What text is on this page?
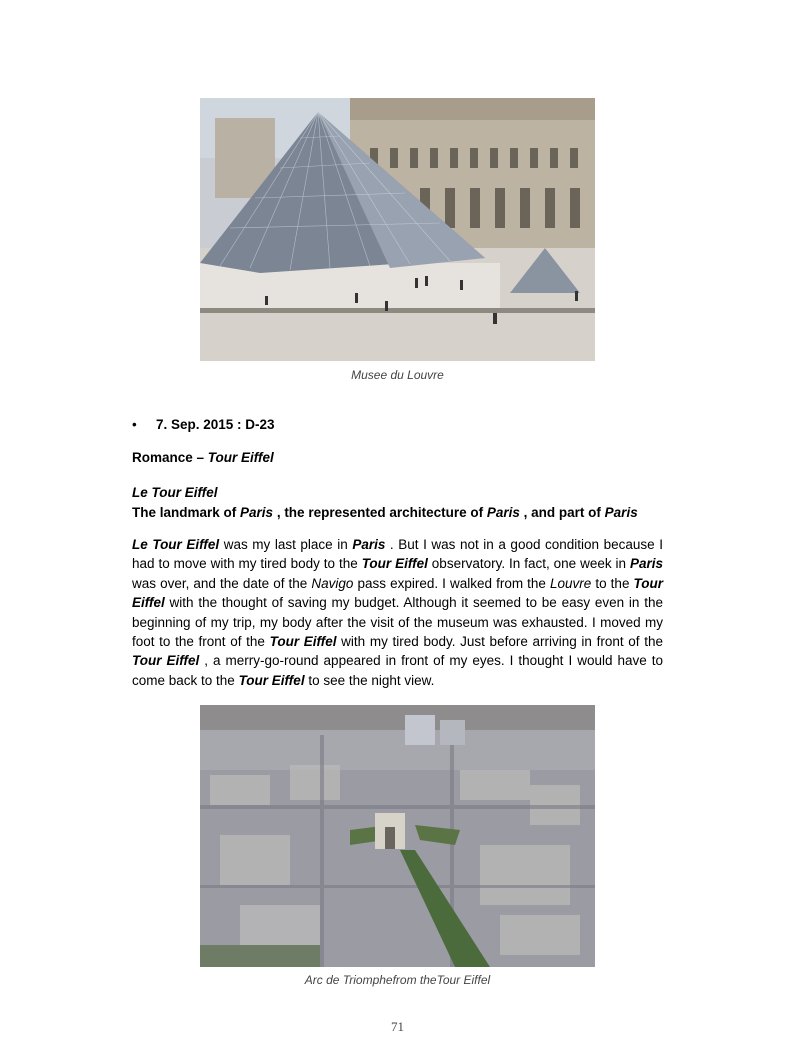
Musee du Louvre
• 7. Sep. 2015 : D-23
Romance – Tour Eiffel
Le Tour Eiffel
The landmark of Paris , the represented architecture of Paris , and part of Paris
Le Tour Eiffel was my last place in Paris . But I was not in a good condition because I had to move with my tired body to the Tour Eiffel observatory. In fact, one week in Paris was over, and the date of the Navigo pass expired. I walked from the Louvre to the Tour Eiffel with the thought of saving my budget. Although it seemed to be easy even in the beginning of my trip, my body after the visit of the museum was exhausted. I moved my foot to the front of the Tour Eiffel with my tired body. Just before arriving in front of the Tour Eiffel , a merry-go-round appeared in front of my eyes. I thought I would have to come back to the Tour Eiffel to see the night view.
Arc de Triomphefrom theTour Eiffel
71
